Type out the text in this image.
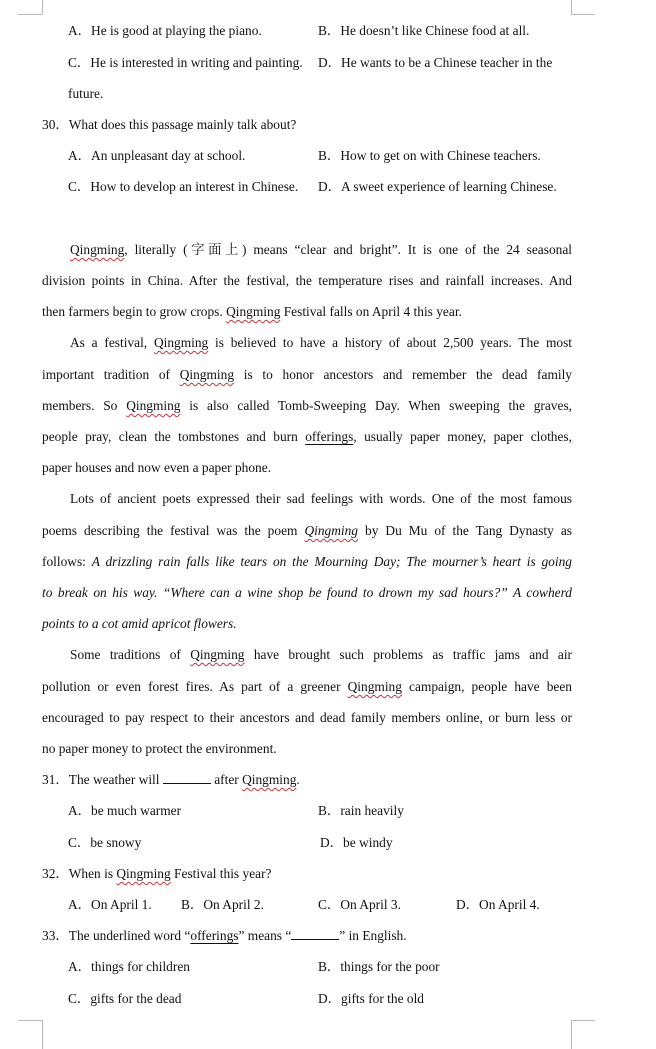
A．He is good at playing the piano.	B．He doesn’t like Chinese food at all.
C．He is interested in writing and painting. D．He wants to be a Chinese teacher in the
future.
30．What does this passage mainly talk about?
A．An unpleasant day at school.	B．How to get on with Chinese teachers.
C．How to develop an interest in Chinese. D．A sweet experience of learning Chinese.
Qingming, literally (字面上) means “clear and bright”. It is one of the 24 seasonal
division points in China. After the festival, the temperature rises and rainfall increases. And
then farmers begin to grow crops. Qingming Festival falls on April 4 this year.
As a festival, Qingming is believed to have a history of about 2,500 years. The most
important tradition of Qingming is to honor ancestors and remember the dead family
members. So Qingming is also called Tomb-Sweeping Day. When sweeping the graves,
people pray, clean the tombstones and burn offerings, usually paper money, paper clothes,
paper houses and now even a paper phone.
Lots of ancient poets expressed their sad feelings with words. One of the most famous
poems describing the festival was the poem Qingming by Du Mu of the Tang Dynasty as
follows: A drizzling rain falls like tears on the Mourning Day; The mourner’s heart is going
to break on his way. “Where can a wine shop be found to drown my sad hours?” A cowherd
points to a cot amid apricot flowers.
Some traditions of Qingming have brought such problems as traffic jams and air
pollution or even forest fires. As part of a greener Qingming campaign, people have been
encouraged to pay respect to their ancestors and dead family members online, or burn less or
no paper money to protect the environment.
31．The weather will	after Qingming.
A．be much warmer	B．rain heavily
C．be snowy	D．be windy
32．When is Qingming Festival this year?
A．On April 1. B．On April 2.	C．On April 3.	D．On April 4.
33．The underlined word “offerings” means “	” in English.
A．things for children	B．things for the poor
C．gifts for the dead	D．gifts for the old
